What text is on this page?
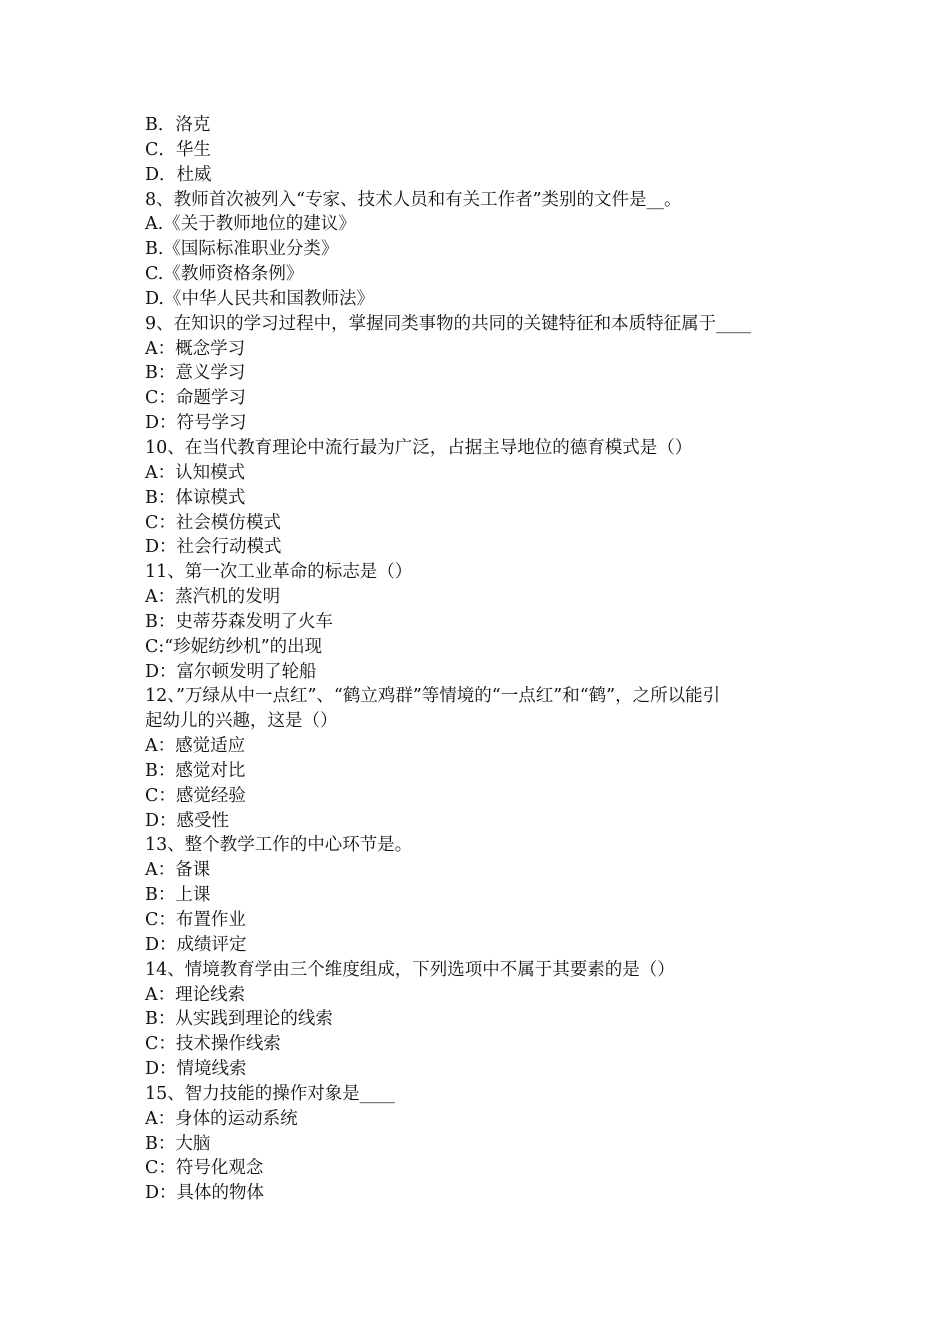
B．洛克
C．华生
D．杜威
8、教师首次被列入“专家、技术人员和有关工作者”类别的文件是__。
A.《关于教师地位的建议》
B.《国际标准职业分类》
C.《教师资格条例》
D.《中华人民共和国教师法》
9、在知识的学习过程中，掌握同类事物的共同的关键特征和本质特征属于____
A：概念学习
B：意义学习
C：命题学习
D：符号学习
10、在当代教育理论中流行最为广泛，占据主导地位的德育模式是（）
A：认知模式
B：体谅模式
C：社会模仿模式
D：社会行动模式
11、第一次工业革命的标志是（）
A：蒸汽机的发明
B：史蒂芬森发明了火车
C:“珍妮纺纱机”的出现
D：富尔顿发明了轮船
12、”万绿从中一点红”、“鹤立鸡群”等情境的“一点红”和“鹤”，之所以能引
起幼儿的兴趣，这是（）
A：感觉适应
B：感觉对比
C：感觉经验
D：感受性
13、整个教学工作的中心环节是。
A：备课
B：上课
C：布置作业
D：成绩评定
14、情境教育学由三个维度组成，下列选项中不属于其要素的是（）
A：理论线索
B：从实践到理论的线索
C：技术操作线索
D：情境线索
15、智力技能的操作对象是____
A：身体的运动系统
B：大脑
C：符号化观念
D：具体的物体
